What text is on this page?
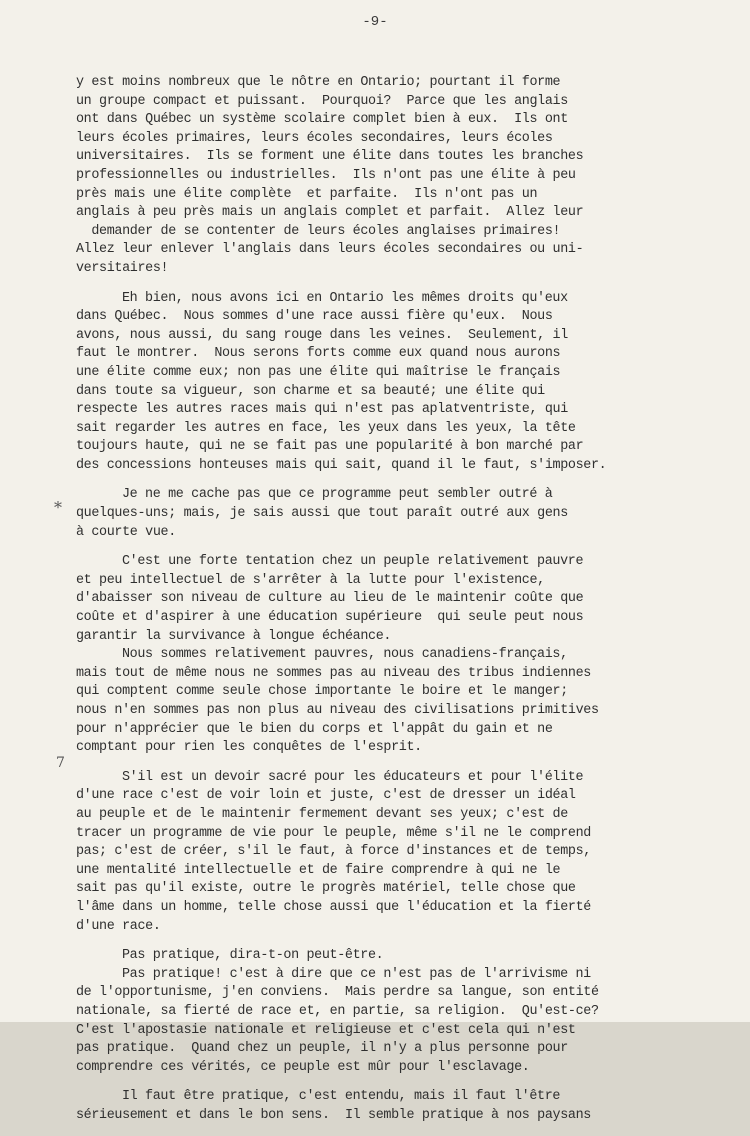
-9-
*
7
y est moins nombreux que le nôtre en Ontario; pourtant il forme
un groupe compact et puissant.  Pourquoi?  Parce que les anglais
ont dans Québec un système scolaire complet bien à eux.  Ils ont
leurs écoles primaires, leurs écoles secondaires, leurs écoles
universitaires.  Ils se forment une élite dans toutes les branches
professionnelles ou industrielles.  Ils n'ont pas une élite à peu
près mais une élite complète  et parfaite.  Ils n'ont pas un
anglais à peu près mais un anglais complet et parfait.  Allez leur
demander de se contenter de leurs écoles anglaises primaires!
Allez leur enlever l'anglais dans leurs écoles secondaires ou uni-
versitaires!
Eh bien, nous avons ici en Ontario les mêmes droits qu'eux
dans Québec.  Nous sommes d'une race aussi fière qu'eux.  Nous
avons, nous aussi, du sang rouge dans les veines.  Seulement, il
faut le montrer.  Nous serons forts comme eux quand nous aurons
une élite comme eux; non pas une élite qui maîtrise le français
dans toute sa vigueur, son charme et sa beauté; une élite qui
respecte les autres races mais qui n'est pas aplatventriste, qui
sait regarder les autres en face, les yeux dans les yeux, la tête
toujours haute, qui ne se fait pas une popularité à bon marché par
des concessions honteuses mais qui sait, quand il le faut, s'imposer.
Je ne me cache pas que ce programme peut sembler outré à
quelques-uns; mais, je sais aussi que tout paraît outré aux gens
à courte vue.
C'est une forte tentation chez un peuple relativement pauvre
et peu intellectuel de s'arrêter à la lutte pour l'existence,
d'abaisser son niveau de culture au lieu de le maintenir coûte que
coûte et d'aspirer à une éducation supérieure  qui seule peut nous
garantir la survivance à longue échéance.
Nous sommes relativement pauvres, nous canadiens-français,
mais tout de même nous ne sommes pas au niveau des tribus indiennes
qui comptent comme seule chose importante le boire et le manger;
nous n'en sommes pas non plus au niveau des civilisations primitives
pour n'apprécier que le bien du corps et l'appât du gain et ne
comptant pour rien les conquêtes de l'esprit.
S'il est un devoir sacré pour les éducateurs et pour l'élite
d'une race c'est de voir loin et juste, c'est de dresser un idéal
au peuple et de le maintenir fermement devant ses yeux; c'est de
tracer un programme de vie pour le peuple, même s'il ne le comprend
pas; c'est de créer, s'il le faut, à force d'instances et de temps,
une mentalité intellectuelle et de faire comprendre à qui ne le
sait pas qu'il existe, outre le progrès matériel, telle chose que
l'âme dans un homme, telle chose aussi que l'éducation et la fierté
d'une race.
Pas pratique, dira-t-on peut-être.
Pas pratique! c'est à dire que ce n'est pas de l'arrivisme ni
de l'opportunisme, j'en conviens.  Mais perdre sa langue, son entité
nationale, sa fierté de race et, en partie, sa religion.  Qu'est-ce?
C'est l'apostasie nationale et religieuse et c'est cela qui n'est
pas pratique.  Quand chez un peuple, il n'y a plus personne pour
comprendre ces vérités, ce peuple est mûr pour l'esclavage.
Il faut être pratique, c'est entendu, mais il faut l'être
sérieusement et dans le bon sens.  Il semble pratique à nos paysans
